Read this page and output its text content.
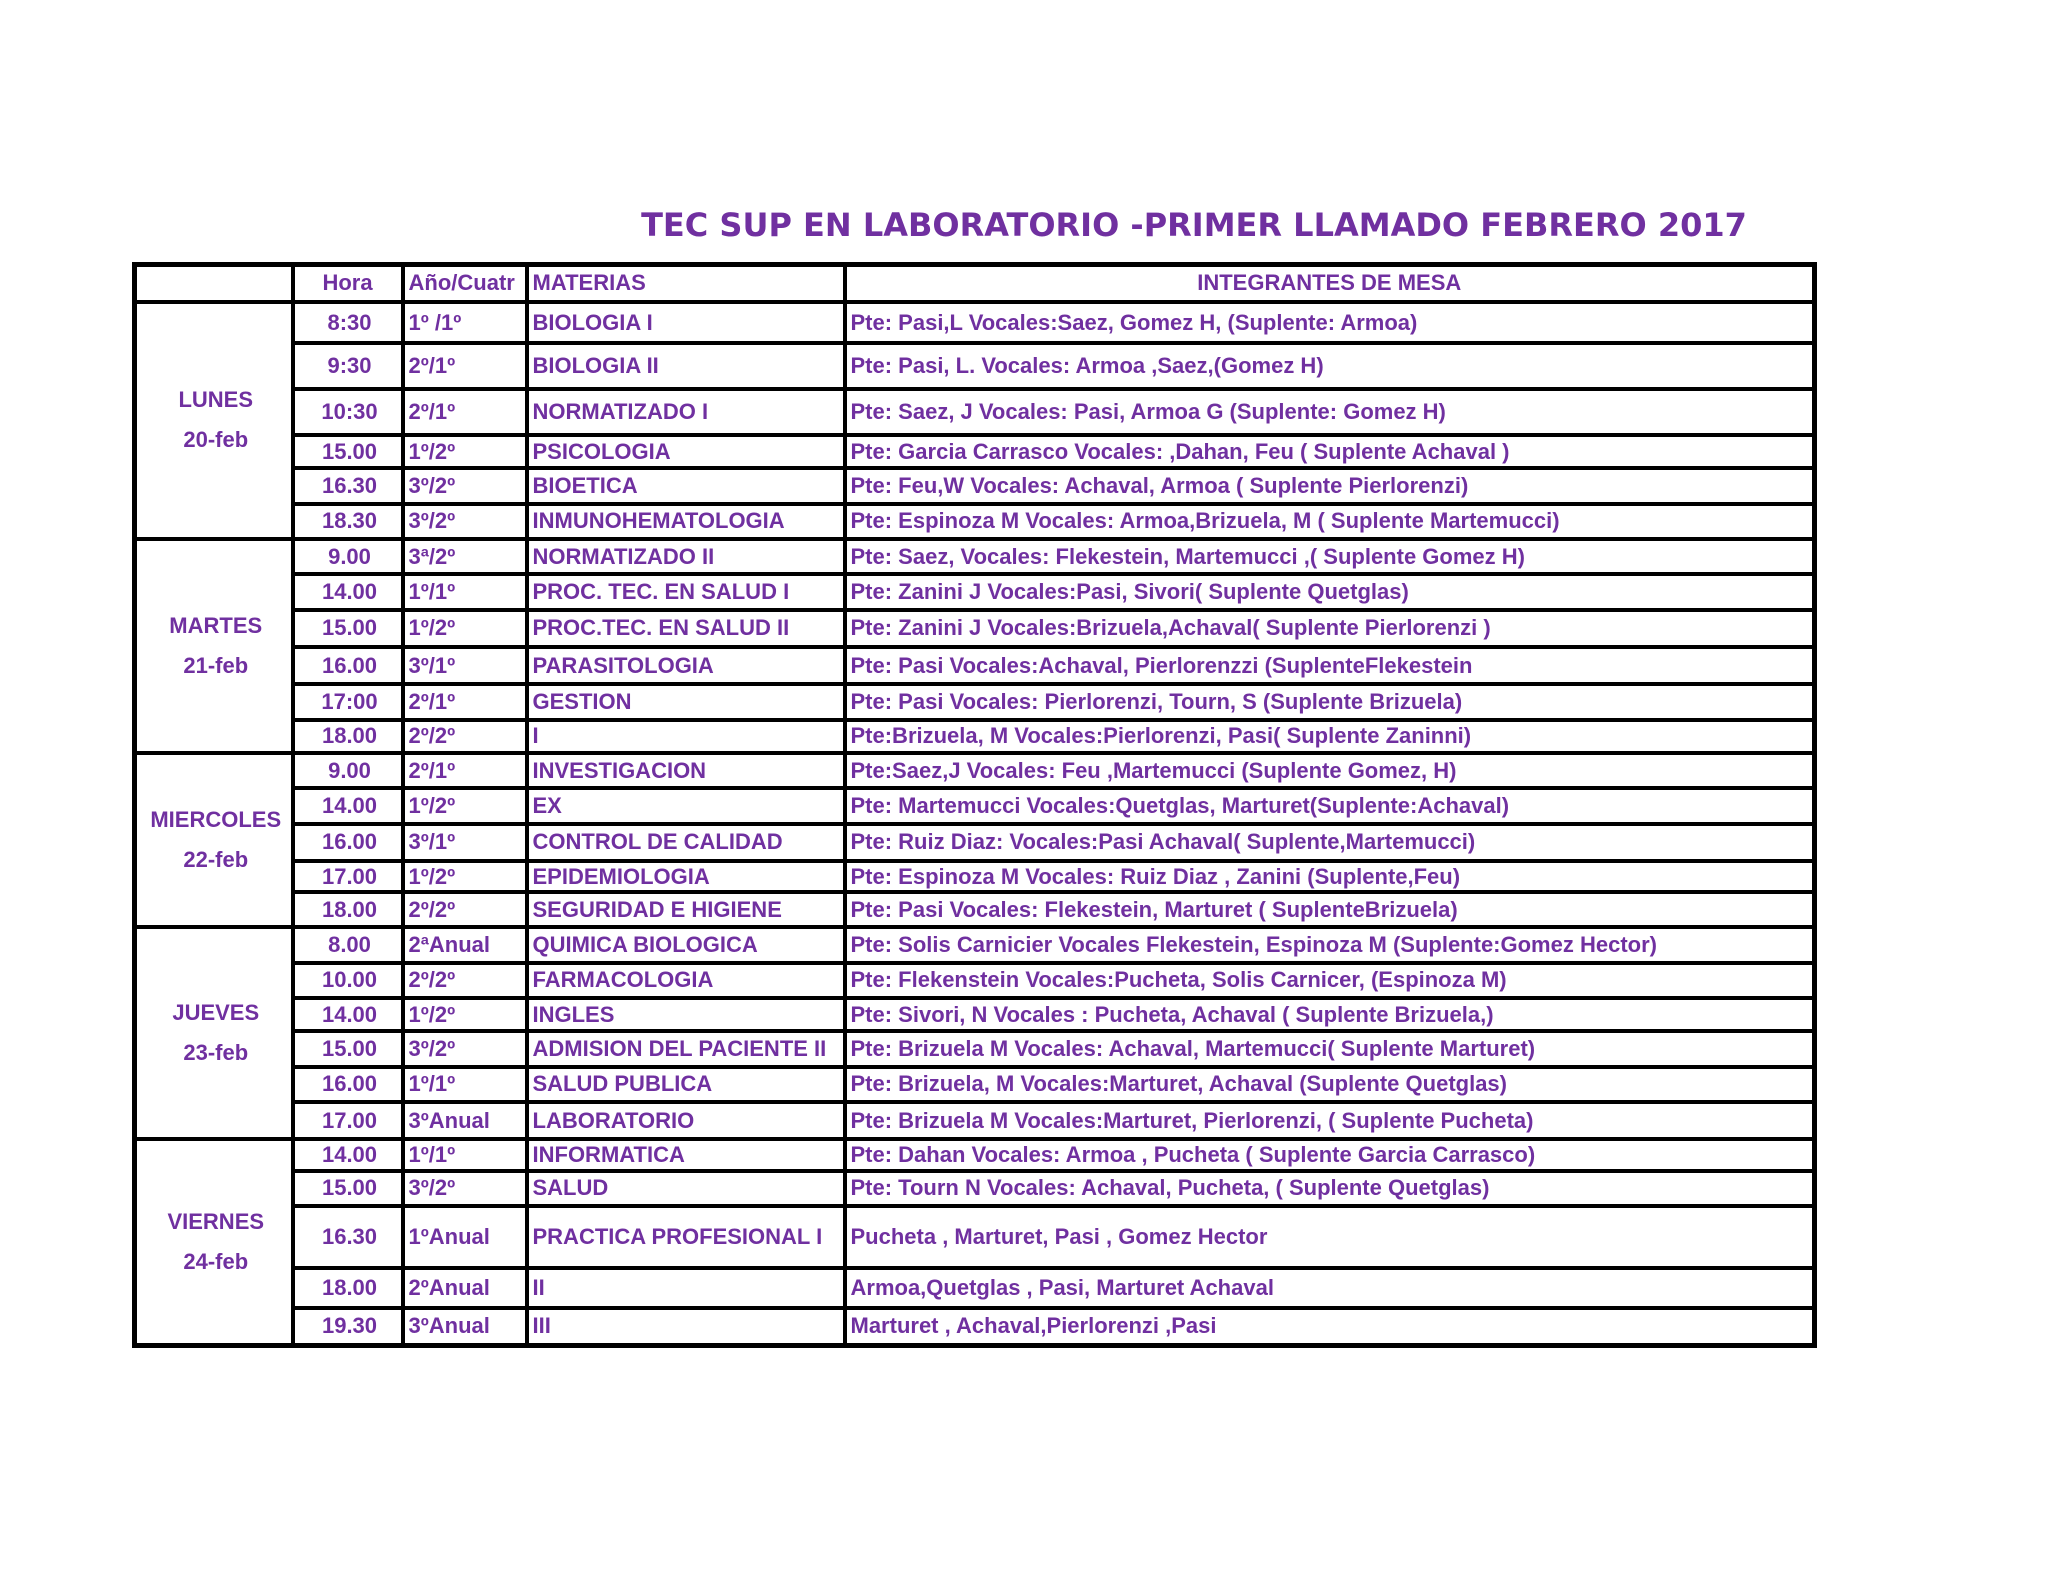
TEC SUP EN LABORATORIO -PRIMER LLAMADO FEBRERO 2017
	Hora	Año/Cuatr	MATERIAS	INTEGRANTES DE MESA

LUNES
20-feb	8:30	1º /1º	BIOLOGIA I	Pte: Pasi,L Vocales:Saez, Gomez H, (Suplente: Armoa)
	9:30	2º/1º	BIOLOGIA II	Pte: Pasi, L. Vocales: Armoa ,Saez,(Gomez H)
	10:30	2º/1º	NORMATIZADO I	Pte: Saez, J Vocales: Pasi, Armoa G (Suplente: Gomez H)
	15.00	1º/2º	PSICOLOGIA	Pte: Garcia Carrasco Vocales: ,Dahan, Feu ( Suplente Achaval )
	16.30	3º/2º	BIOETICA	Pte: Feu,W Vocales: Achaval, Armoa ( Suplente Pierlorenzi)
	18.30	3º/2º	INMUNOHEMATOLOGIA	Pte: Espinoza M Vocales: Armoa,Brizuela, M ( Suplente Martemucci)

MARTES
21-feb	9.00	3ª/2º	NORMATIZADO II	Pte: Saez, Vocales: Flekestein, Martemucci ,( Suplente Gomez H)
	14.00	1º/1º	PROC. TEC. EN SALUD I	Pte: Zanini J Vocales:Pasi, Sivori( Suplente Quetglas)
	15.00	1º/2º	PROC.TEC. EN SALUD II	Pte: Zanini J Vocales:Brizuela,Achaval( Suplente Pierlorenzi )
	16.00	3º/1º	PARASITOLOGIA	Pte: Pasi Vocales:Achaval, Pierlorenzzi (SuplenteFlekestein
	17:00	2º/1º	GESTION	Pte: Pasi Vocales: Pierlorenzi, Tourn, S (Suplente Brizuela)
	18.00	2º/2º	I	Pte:Brizuela, M Vocales:Pierlorenzi, Pasi( Suplente Zaninni)

MIERCOLES
22-feb	9.00	2º/1º	INVESTIGACION	Pte:Saez,J Vocales: Feu ,Martemucci (Suplente Gomez, H)
	14.00	1º/2º	EX	Pte: Martemucci Vocales:Quetglas, Marturet(Suplente:Achaval)
	16.00	3º/1º	CONTROL DE CALIDAD	Pte: Ruiz Diaz: Vocales:Pasi Achaval( Suplente,Martemucci)
	17.00	1º/2º	EPIDEMIOLOGIA	Pte: Espinoza M Vocales: Ruiz Diaz , Zanini (Suplente,Feu)
	18.00	2º/2º	SEGURIDAD E HIGIENE	Pte: Pasi Vocales: Flekestein, Marturet ( SuplenteBrizuela)

JUEVES
23-feb	8.00	2ªAnual	QUIMICA BIOLOGICA	Pte: Solis Carnicier Vocales Flekestein, Espinoza M (Suplente:Gomez Hector)
	10.00	2º/2º	FARMACOLOGIA	Pte: Flekenstein Vocales:Pucheta, Solis Carnicer, (Espinoza M)
	14.00	1º/2º	INGLES	Pte: Sivori, N Vocales : Pucheta, Achaval ( Suplente Brizuela,)
	15.00	3º/2º	ADMISION DEL PACIENTE II	Pte: Brizuela M Vocales: Achaval, Martemucci( Suplente Marturet)
	16.00	1º/1º	SALUD PUBLICA	Pte: Brizuela, M Vocales:Marturet, Achaval (Suplente Quetglas)
	17.00	3ºAnual	LABORATORIO	Pte: Brizuela M Vocales:Marturet, Pierlorenzi, ( Suplente Pucheta)

VIERNES
24-feb	14.00	1º/1º	INFORMATICA	Pte: Dahan Vocales: Armoa , Pucheta ( Suplente Garcia Carrasco)
	15.00	3º/2º	SALUD	Pte: Tourn N Vocales: Achaval, Pucheta, ( Suplente Quetglas)
	16.30	1ºAnual	PRACTICA PROFESIONAL I	Pucheta , Marturet, Pasi , Gomez Hector
	18.00	2ºAnual	II	Armoa,Quetglas , Pasi, Marturet Achaval
	19.30	3ºAnual	III	Marturet , Achaval,Pierlorenzi ,Pasi
